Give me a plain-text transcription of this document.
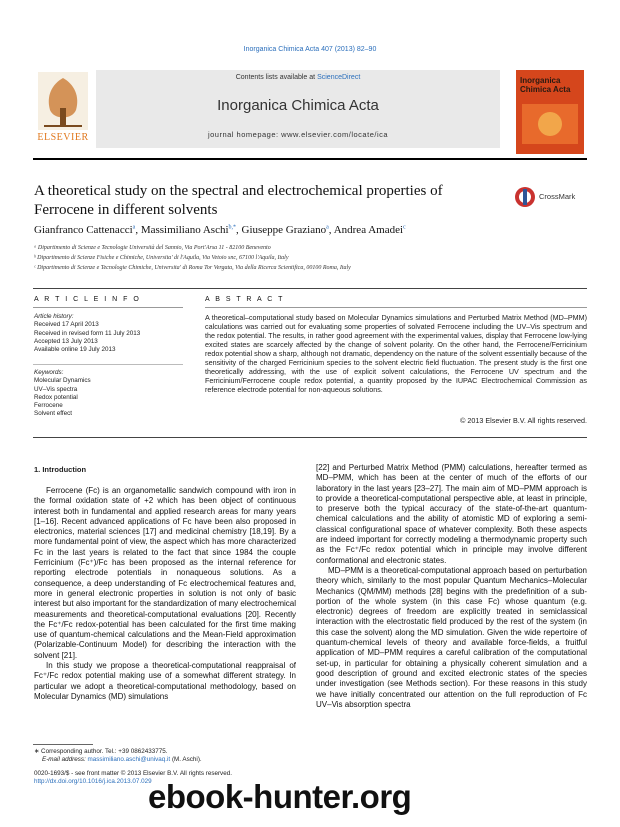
Inorganica Chimica Acta 407 (2013) 82–90
ELSEVIER
Contents lists available at ScienceDirect
Inorganica Chimica Acta
journal homepage: www.elsevier.com/locate/ica
Inorganica Chimica Acta
A theoretical study on the spectral and electrochemical properties of Ferrocene in different solvents
CrossMark
Gianfranco Cattenacci$^a$, Massimiliano Aschi$^{b,*}$, Giuseppe Graziano$^a$, Andrea Amadei$^c$
ᵃ Dipartimento di Scienze e Tecnologie Università del Sannio, Via Port'Arsa 11 - 82100 Benevento
ᵇ Dipartimento di Scienze Fisiche e Chimiche, Universita' di l'Aquila, Via Vetoio snc, 67100 l'Aquila, Italy
ᶜ Dipartimento di Scienze e Tecnologie Chimiche, Universita' di Roma Tor Vergata, Via della Ricerca Scientifica, 00100 Roma, Italy
A R T I C L E I N F O	A B S T R A C T
Article history:
Received 17 April 2013
Received in revised form 11 July 2013
Accepted 13 July 2013
Available online 19 July 2013
Keywords:
Molecular Dynamics
UV–Vis spectra
Redox potential
Ferrocene
Solvent effect
A theoretical–computational study based on Molecular Dynamics simulations and Perturbed Matrix Method (MD–PMM) calculations was carried out for evaluating some properties of solvated Ferrocene including the UV–Vis spectrum and the redox potential. The results, in rather good agreement with the experimental values, display that Ferrocene low-lying excited states are scarcely affected by the change of solvent polarity. On the other hand, the Ferrocene/Ferricinium redox potential show a sharp, although not dramatic, dependency on the nature of the solvent essentially because of the sensitivity of the charged Ferricinium species to the solvent electric field fluctuation. The present study is the first one theoretically addressing, with the use of explicit solvent calculations, the Ferrocene UV spectrum and the Ferricinium/Ferrocene couple redox potential, a quantity proposed by the IUPAC Electrochemical Commission as reference electrode potential for non-aqueous solutions.
© 2013 Elsevier B.V. All rights reserved.
1. Introduction

Ferrocene (Fc) is an organometallic sandwich compound with iron in the formal oxidation state of +2 which has been object of continuous interest both in fundamental and applied research areas for many years [1–16]. Recent advanced applications of Fc have been also proposed in electronics, material sciences [17] and medicinal chemistry [18,19]. By a more fundamental point of view, the aspect which has more characterized Fc in the last years is related to the fact that since 1984 the couple Ferricinium (Fc⁺)/Fc has been proposed as the internal reference for reporting electrode potentials in nonaqueous solutions. As a consequence, a deep understanding of Fc electrochemical features and, more in general electronic properties in solution is not only of basic interest but also important for the standardization of many electrochemical measurements and theoretical-computational evaluations [20]. Recently the Fc⁺/Fc redox-potential has been calculated for the first time making use of quantum-chemical calculations and the Mean-Field approximation (Polarizable-Continuum Model) for describing the interaction with the solvent [21].

In this study we propose a theoretical-computational reappraisal of Fc⁺/Fc redox potential making use of a somewhat different strategy. In particular we adopt a theoretical-computational methodology, based on Molecular Dynamics (MD) simulations

[22] and Perturbed Matrix Method (PMM) calculations, hereafter termed as MD–PMM, which has been at the center of much of the efforts of our laboratory in the last years [23–27]. The main aim of MD–PMM approach is to provide a theoretical-computational perspective able, at least in principle, to preserve both the typical accuracy of the state-of-the-art quantum-chemical calculations and the ability of atomistic MD of exploring a semi-classical configurational space of whatever complexity. Both these aspects are indeed important for correctly modeling a thermodynamic property such as the Fc⁺/Fc redox potential which in principle may involve different conformational and electronic states.

MD–PMM is a theoretical-computational approach based on perturbation theory which, similarly to the most popular Quantum Mechanics–Molecular Mechanics (QM/MM) methods [28] begins with the predefinition of a sub-portion of the whole system (in this case Fc) whose quantum (e.g. electronic) degrees of freedom are explicitly treated in semiclassical interaction with the electrostatic field produced by the rest of the system (in this case the solvent) along the MD simulation. Given the wide repertoire of quantum-chemical levels of theory and available force-fields, a fruitful application of MD–PMM requires a careful calibration of the computational set-up, in particular for obtaining a physically coherent simulation and a good description of ground and excited electronic states of the species under investigation (see Methods section). For these reasons in this study we have initially concentrated our attention on the full reproduction of Fc UV–Vis absorption spectra

∗ Corresponding author. Tel.: +39 0862433775.
E-mail address: massimiliano.aschi@univaq.it (M. Aschi).
0020-1693/$ - see front matter © 2013 Elsevier B.V. All rights reserved.
http://dx.doi.org/10.1016/j.ica.2013.07.029
ebook-hunter.org
